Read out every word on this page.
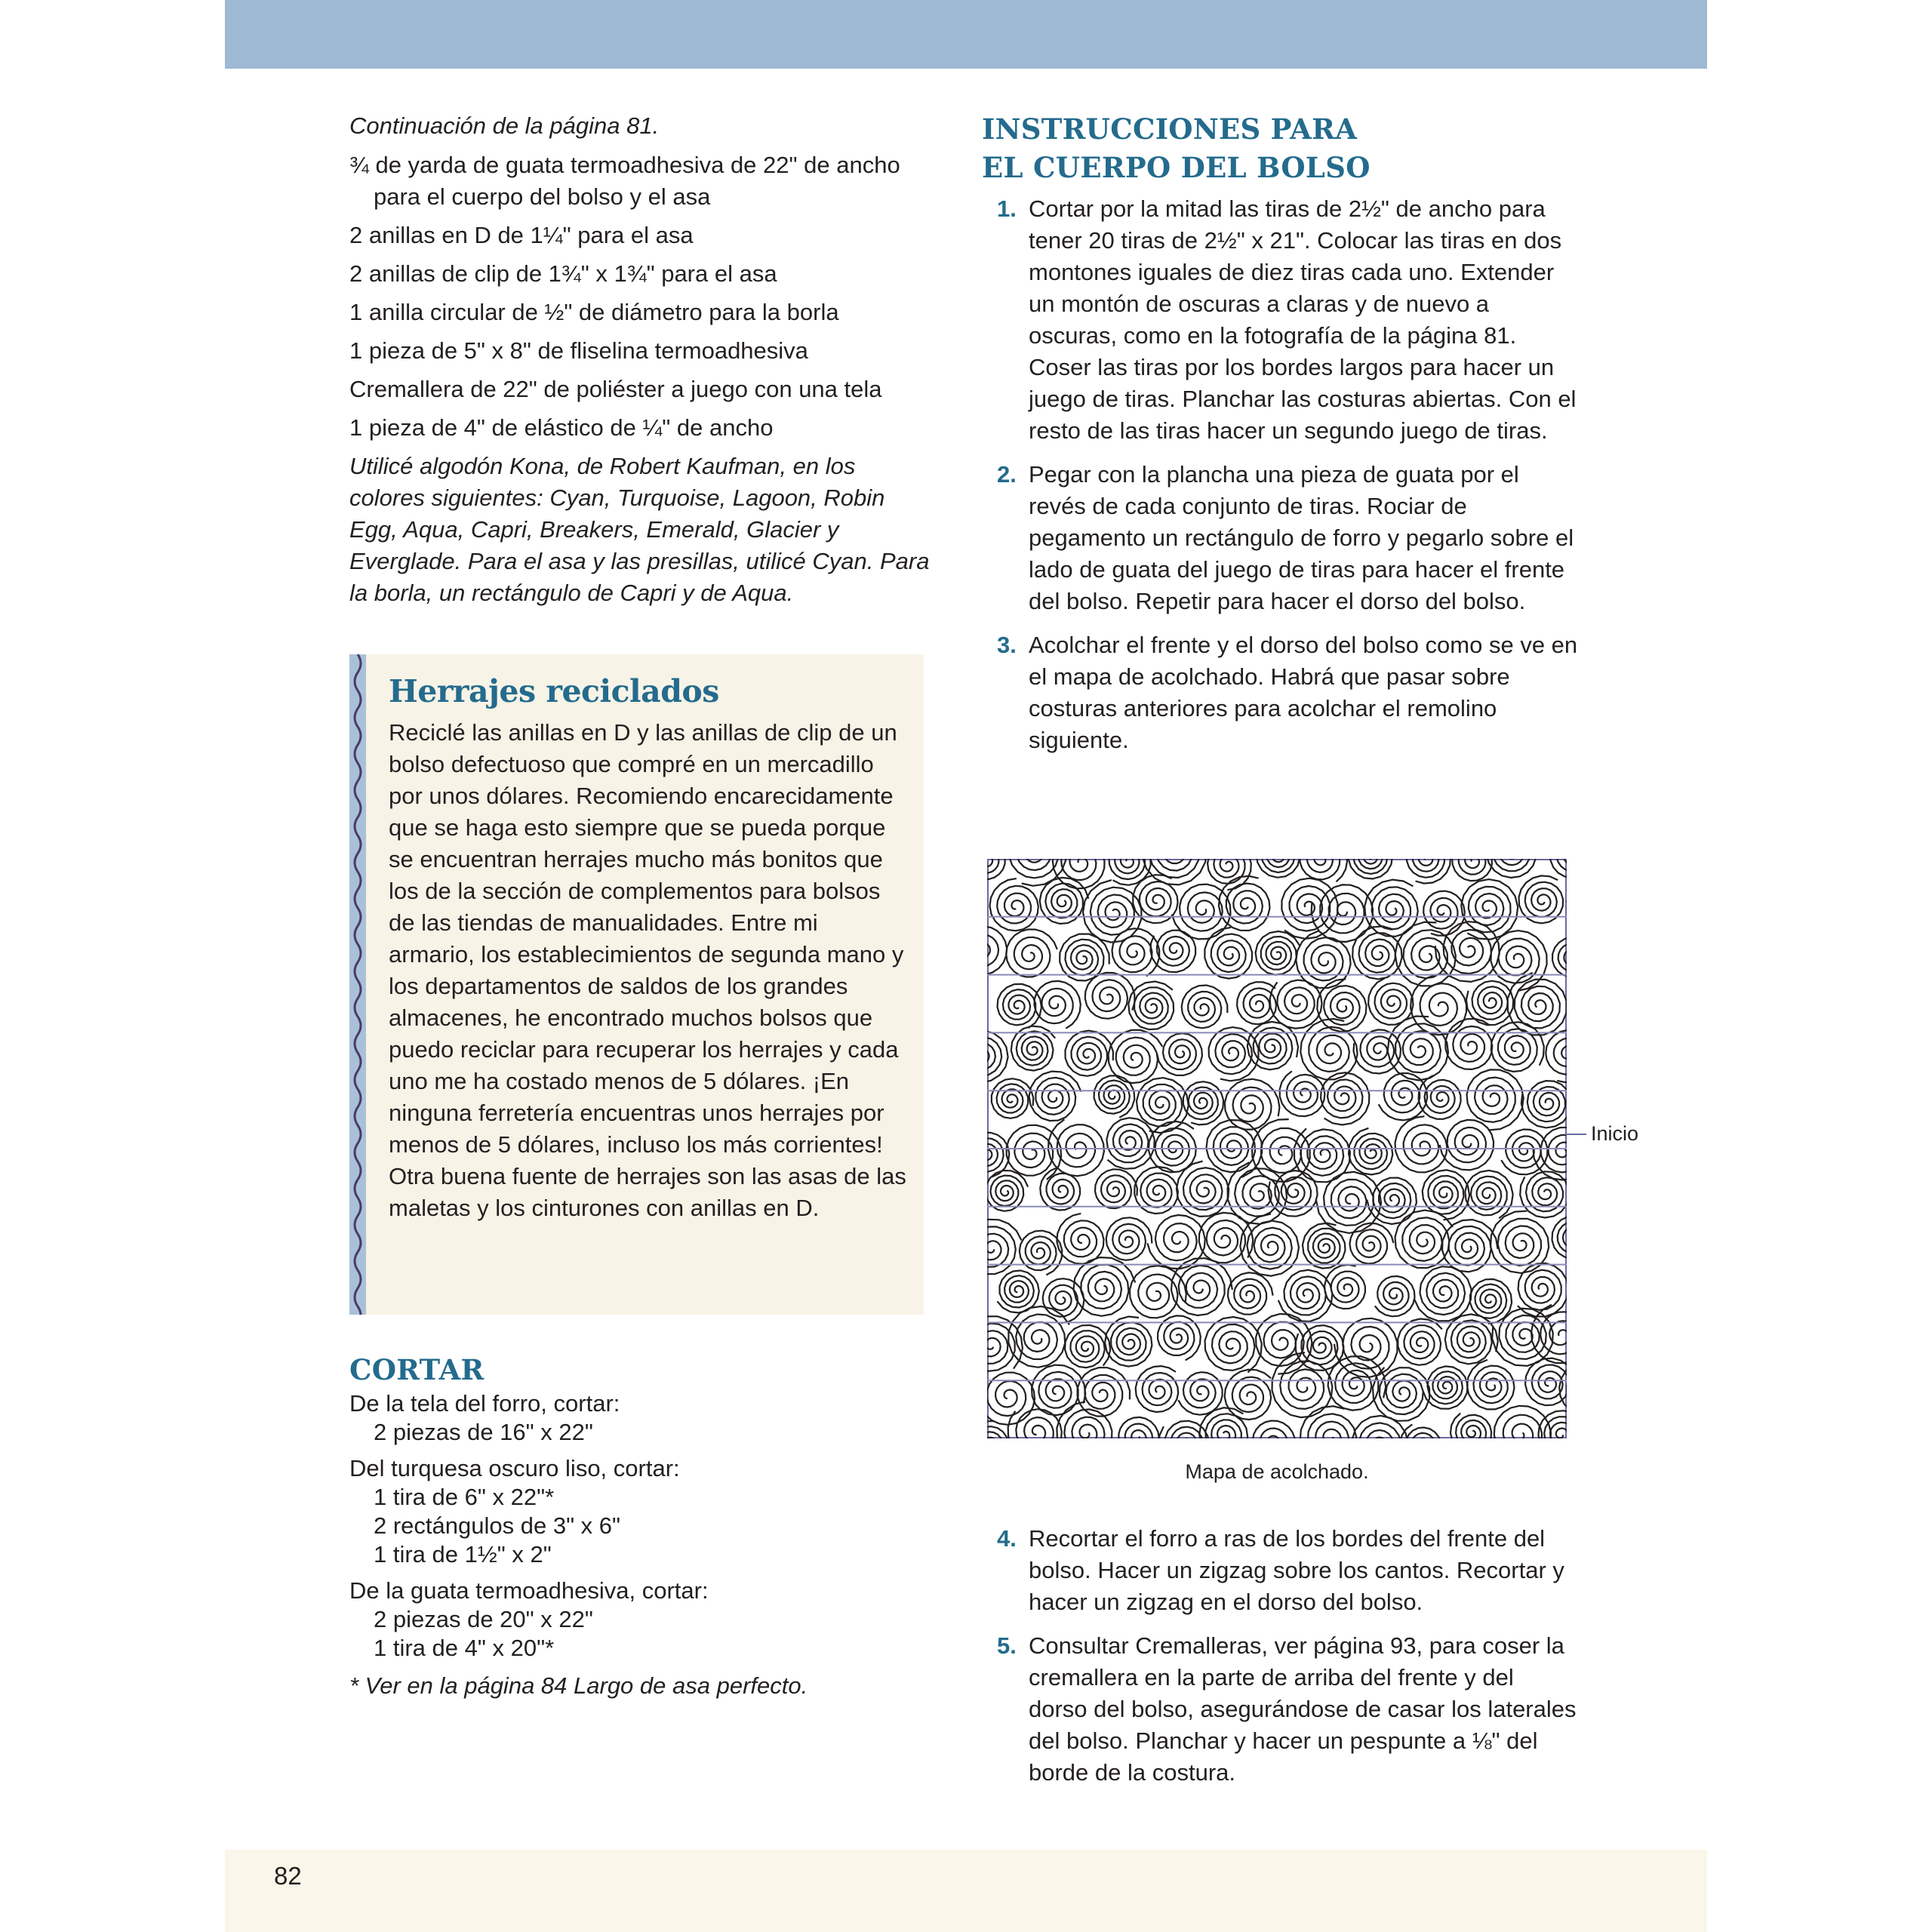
Continuación de la página 81.

¾ de yarda de guata termoadhesiva de 22" de ancho para el cuerpo del bolso y el asa

2 anillas en D de 1¼" para el asa

2 anillas de clip de 1¾" x 1¾" para el asa

1 anilla circular de ½" de diámetro para la borla

1 pieza de 5" x 8" de fliselina termoadhesiva

Cremallera de 22" de poliéster a juego con una tela

1 pieza de 4" de elástico de ¼" de ancho

Utilicé algodón Kona, de Robert Kaufman, en los colores siguientes: Cyan, Turquoise, Lagoon, Robin Egg, Aqua, Capri, Breakers, Emerald, Glacier y Everglade. Para el asa y las presillas, utilicé Cyan. Para la borla, un rectángulo de Capri y de Aqua.

Herrajes reciclados

Reciclé las anillas en D y las anillas de clip de un bolso defectuoso que compré en un mercadillo por unos dólares. Recomiendo encarecidamente que se haga esto siempre que se pueda porque se encuentran herrajes mucho más bonitos que los de la sección de complementos para bolsos de las tiendas de manualidades. Entre mi armario, los establecimientos de segunda mano y los departamentos de saldos de los grandes almacenes, he encontrado muchos bolsos que puedo reciclar para recuperar los herrajes y cada uno me ha costado menos de 5 dólares. ¡En ninguna ferretería encuentras unos herrajes por menos de 5 dólares, incluso los más corrientes! Otra buena fuente de herrajes son las asas de las maletas y los cinturones con anillas en D.

CORTAR
De la tela del forro, cortar:
2 piezas de 16" x 22"
Del turquesa oscuro liso, cortar:
1 tira de 6" x 22"*
2 rectángulos de 3" x 6"
1 tira de 1½" x 2"
De la guata termoadhesiva, cortar:
2 piezas de 20" x 22"
1 tira de 4" x 20"*
* Ver en la página 84 Largo de asa perfecto.
INSTRUCCIONES PARA
EL CUERPO DEL BOLSO
1. Cortar por la mitad las tiras de 2½" de ancho para tener 20 tiras de 2½" x 21". Colocar las tiras en dos montones iguales de diez tiras cada uno. Extender un montón de oscuras a claras y de nuevo a oscuras, como en la fotografía de la página 81. Coser las tiras por los bordes largos para hacer un juego de tiras. Planchar las costuras abiertas. Con el resto de las tiras hacer un segundo juego de tiras.
2. Pegar con la plancha una pieza de guata por el revés de cada conjunto de tiras. Rociar de pegamento un rectángulo de forro y pegarlo sobre el lado de guata del juego de tiras para hacer el frente del bolso. Repetir para hacer el dorso del bolso.
3. Acolchar el frente y el dorso del bolso como se ve en el mapa de acolchado. Habrá que pasar sobre costuras anteriores para acolchar el remolino siguiente.
Inicio
Mapa de acolchado.
4. Recortar el forro a ras de los bordes del frente del bolso. Hacer un zigzag sobre los cantos. Recortar y hacer un zigzag en el dorso del bolso.
5. Consultar Cremalleras, ver página 93, para coser la cremallera en la parte de arriba del frente y del dorso del bolso, asegurándose de casar los laterales del bolso. Planchar y hacer un pespunte a ⅛" del borde de la costura.
82
